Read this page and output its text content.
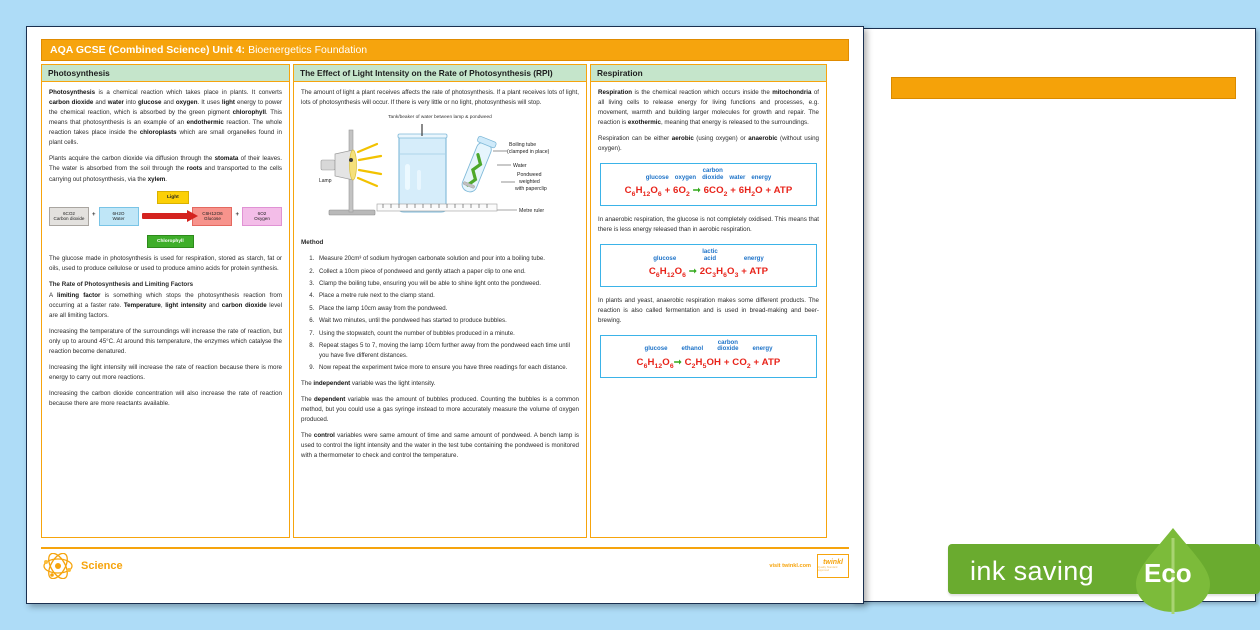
AQA GCSE (Combined Science) Unit 4: Bioenergetics Foundation
Photosynthesis

Photosynthesis is a chemical reaction which takes place in plants. It converts carbon dioxide and water into glucose and oxygen. It uses light energy to power the chemical reaction, which is absorbed by the green pigment chlorophyll. This means that photosynthesis is an example of an endothermic reaction. The whole reaction takes place inside the chloroplasts which are small organelles found in plant cells.

Plants acquire the carbon dioxide via diffusion through the stomata of their leaves. The water is absorbed from the soil through the roots and transported to the cells carrying out photosynthesis, via the xylem.

Light
Chlorophyll
6CO2
Carbon dioxide
+	6H2O
Water
C6H12O6
Glucose
+	6O2
Oxygen

The glucose made in photosynthesis is used for respiration, stored as starch, fat or oils, used to produce cellulose or used to produce amino acids for protein synthesis.

The Rate of Photosynthesis and Limiting Factors

A limiting factor is something which stops the photosynthesis reaction from occurring at a faster rate. Temperature, light intensity and carbon dioxide level are all limiting factors.

Increasing the temperature of the surroundings will increase the rate of reaction, but only up to around 45°C. At around this temperature, the enzymes which catalyse the reaction become denatured.

Increasing the light intensity will increase the rate of reaction because there is more energy to carry out more reactions.

Increasing the carbon dioxide concentration will also increase the rate of reaction because there are more reactants available.

The Effect of Light Intensity on the Rate of Photosynthesis (RPI)

The amount of light a plant receives affects the rate of photosynthesis. If a plant receives lots of light, lots of photosynthesis will occur. If there is very little or no light, photosynthesis will stop.

Tank/beaker of water between lamp & pondweed
Lamp
Boiling tube
(clamped in place)
Water
Pondweed
weighted
with paperclip
Metre ruler

Method

1. Measure 20cm³ of sodium hydrogen carbonate solution and pour into a boiling tube.
2. Collect a 10cm piece of pondweed and gently attach a paper clip to one end.
3. Clamp the boiling tube, ensuring you will be able to shine light onto the pondweed.
4. Place a metre rule next to the clamp stand.
5. Place the lamp 10cm away from the pondweed.
6. Wait two minutes, until the pondweed has started to produce bubbles.
7. Using the stopwatch, count the number of bubbles produced in a minute.
8. Repeat stages 5 to 7, moving the lamp 10cm further away from the pondweed each time until you have five different distances.
9. Now repeat the experiment twice more to ensure you have three readings for each distance.

The independent variable was the light intensity.

The dependent variable was the amount of bubbles produced. Counting the bubbles is a common method, but you could use a gas syringe instead to more accurately measure the volume of oxygen produced.

The control variables were same amount of time and same amount of pondweed. A bench lamp is used to control the light intensity and the water in the test tube containing the pondweed is monitored with a thermometer to check and control the temperature.

Respiration

Respiration is the chemical reaction which occurs inside the mitochondria of all living cells to release energy for living functions and processes, e.g. movement, warmth and building larger molecules for growth and repair. The reaction is exothermic, meaning that energy is released to the surroundings.

Respiration can be either aerobic (using oxygen) or anaerobic (without using oxygen).

glucose oxygen
carbon
dioxide water energy
$C_6H_{12}O_6 + 6O_2$ ➞ $6CO_2 + 6H_2O$ + ATP

In anaerobic respiration, the glucose is not completely oxidised. This means that there is less energy released than in aerobic respiration.

glucose
lactic
acid	energy
$C_6H_{12}O_6$ ➞ $2C_3H_6O_3$ + ATP

In plants and yeast, anaerobic respiration makes some different products. The reaction is also called fermentation and is used in bread-making and beer-brewing.

glucose ethanol
carbon
dioxide energy
$C_6H_{12}O_6➞$ $C_2H_5OH + CO_2$ + ATP
Science	visit twinkl.com twinkl
Quality Standard Approved	ink saving Eco
